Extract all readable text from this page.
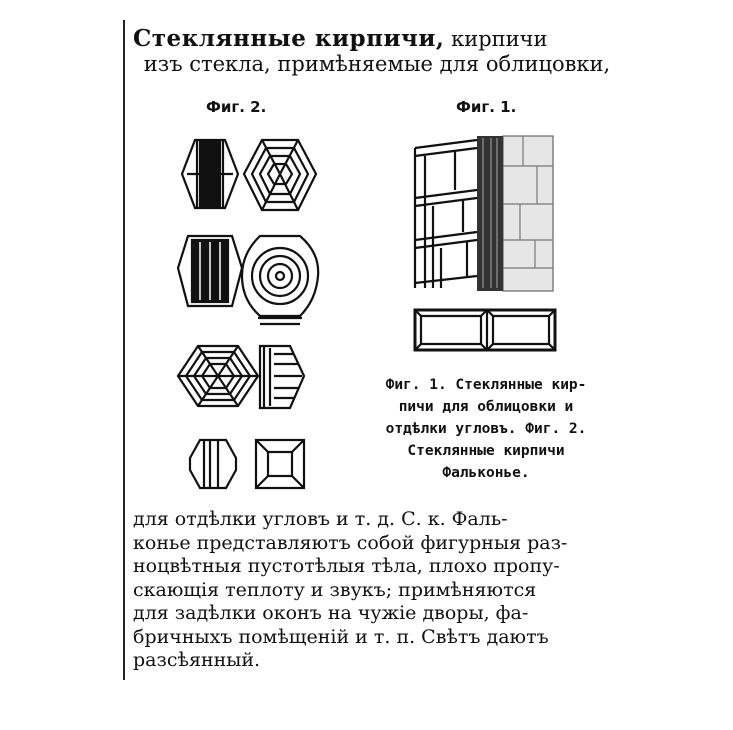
Стеклянные кирпичи, кирпичи
изъ стекла, примѣняемые для облицовки,
Фиг. 2.	Фиг. 1.
Фиг. 1. Стеклянные кир-
пичи для облицовки и
отдѣлки угловъ. Фиг. 2.
Стеклянные кирпичи
Фальконье.
для отдѣлки угловъ и т. д. С. к. Фаль-
конье представляютъ собой фигурныя раз-
ноцвѣтныя пустотѣлыя тѣла, плохо пропу-
скающія теплоту и звукъ; примѣняются
для задѣлки оконъ на чужіе дворы, фа-
бричныхъ помѣщеній и т. п. Свѣтъ даютъ
разсѣянный.
